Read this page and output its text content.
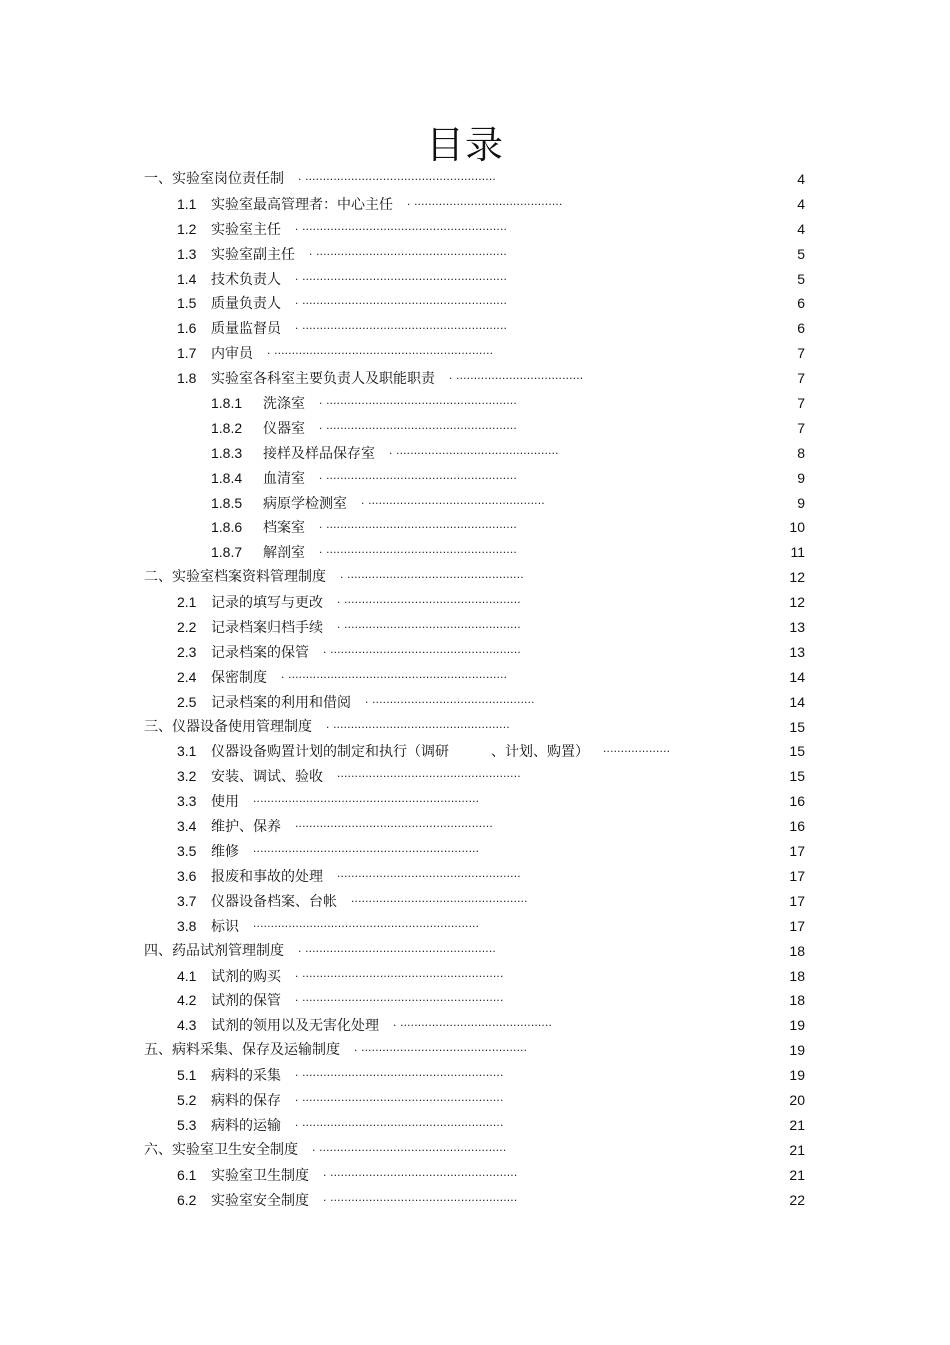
目录
一、实验室岗位责任制 . ......................................................	4
1.1 实验室最高管理者：中心主任 . ..........................................	4
1.2 实验室主任 . ..........................................................	4
1.3 实验室副主任 . ......................................................	5
1.4 技术负责人 . ..........................................................	5
1.5 质量负责人 . ..........................................................	6
1.6 质量监督员 . ..........................................................	6
1.7 内审员 . ..............................................................	7
1.8 实验室各科室主要负责人及职能职责 . ....................................	7
1.8.1 洗涤室 . ......................................................	7
1.8.2 仪器室 . ......................................................	7
1.8.3 接样及样品保存室 . ..............................................	8
1.8.4 血清室 . ......................................................	9
1.8.5 病原学检测室 . ..................................................	9
1.8.6 档案室 . ......................................................	10
1.8.7 解剖室 . ......................................................	11
二、实验室档案资料管理制度 . ..................................................	12
2.1 记录的填写与更改 . ..................................................	12
2.2 记录档案归档手续 . ..................................................	13
2.3 记录档案的保管 . ......................................................	13
2.4 保密制度 . ..............................................................	14
2.5 记录档案的利用和借阅 . ..............................................	14
三、仪器设备使用管理制度 . ..................................................	15
3.1 仪器设备购置计划的制定和执行（调研　　　、计划、购置） ...................	15
3.2 安装、调试、验收 ....................................................	15
3.3 使用 ................................................................	16
3.4 维护、保养 ........................................................	16
3.5 维修 ................................................................	17
3.6 报废和事故的处理 ....................................................	17
3.7 仪器设备档案、台帐 ..................................................	17
3.8 标识 ................................................................	17
四、药品试剂管理制度 . ......................................................	18
4.1 试剂的购买 . .........................................................	18
4.2 试剂的保管 . .........................................................	18
4.3 试剂的领用以及无害化处理 . ...........................................	19
五、病料采集、保存及运输制度 . ...............................................	19
5.1 病料的采集 . .........................................................	19
5.2 病料的保存 . .........................................................	20
5.3 病料的运输 . .........................................................	21
六、实验室卫生安全制度 . .....................................................	21
6.1 实验室卫生制度 . .....................................................	21
6.2 实验室安全制度 . .....................................................	22
